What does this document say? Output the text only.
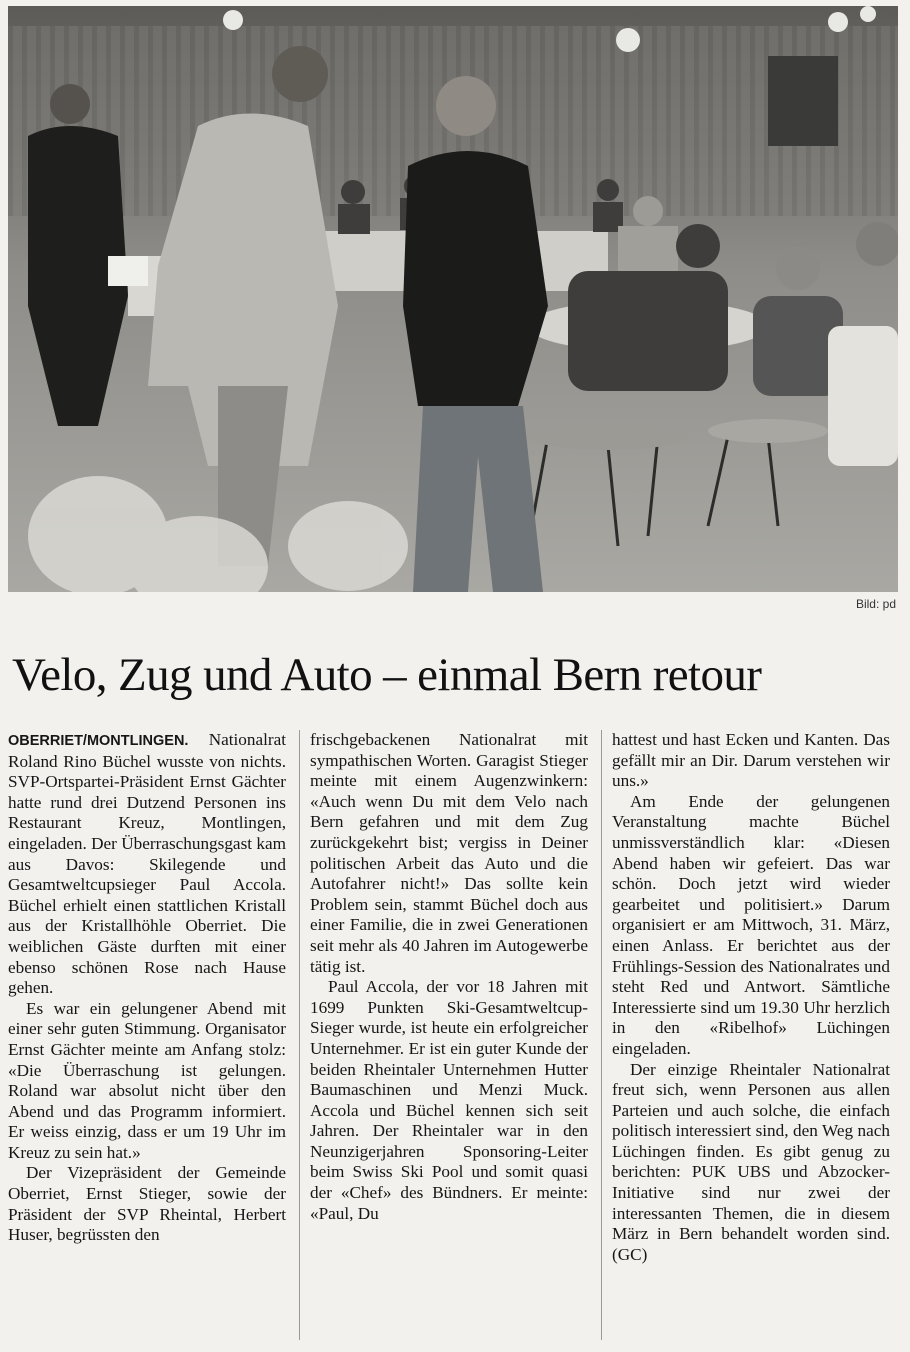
Bild: pd
Velo, Zug und Auto – einmal Bern retour

OBERRIET/MONTLINGEN. Nationalrat Roland Rino Büchel wusste von nichts. SVP-Ortspartei-Präsident Ernst Gächter hatte rund drei Dutzend Personen ins Restaurant Kreuz, Montlingen, eingeladen. Der Überraschungsgast kam aus Davos: Skilegende und Gesamtweltcupsieger Paul Accola. Büchel erhielt einen stattlichen Kristall aus der Kristallhöhle Oberriet. Die weiblichen Gäste durften mit einer ebenso schönen Rose nach Hause gehen.

Es war ein gelungener Abend mit einer sehr guten Stimmung. Organisator Ernst Gächter meinte am Anfang stolz: «Die Überraschung ist gelungen. Roland war absolut nicht über den Abend und das Programm informiert. Er weiss einzig, dass er um 19 Uhr im Kreuz zu sein hat.»

Der Vizepräsident der Gemeinde Oberriet, Ernst Stieger, sowie der Präsident der SVP Rheintal, Herbert Huser, begrüssten den

frischgebackenen Nationalrat mit sympathischen Worten. Garagist Stieger meinte mit einem Augenzwinkern: «Auch wenn Du mit dem Velo nach Bern gefahren und mit dem Zug zurückgekehrt bist; vergiss in Deiner politischen Arbeit das Auto und die Autofahrer nicht!» Das sollte kein Problem sein, stammt Büchel doch aus einer Familie, die in zwei Generationen seit mehr als 40 Jahren im Autogewerbe tätig ist.

Paul Accola, der vor 18 Jahren mit 1699 Punkten Ski-Gesamtweltcup-Sieger wurde, ist heute ein erfolgreicher Unternehmer. Er ist ein guter Kunde der beiden Rheintaler Unternehmen Hutter Baumaschinen und Menzi Muck. Accola und Büchel kennen sich seit Jahren. Der Rheintaler war in den Neunzigerjahren Sponsoring-Leiter beim Swiss Ski Pool und somit quasi der «Chef» des Bündners. Er meinte: «Paul, Du

hattest und hast Ecken und Kanten. Das gefällt mir an Dir. Darum verstehen wir uns.»

Am Ende der gelungenen Veranstaltung machte Büchel unmissverständlich klar: «Diesen Abend haben wir gefeiert. Das war schön. Doch jetzt wird wieder gearbeitet und politisiert.» Darum organisiert er am Mittwoch, 31. März, einen Anlass. Er berichtet aus der Frühlings-Session des Nationalrates und steht Red und Antwort. Sämtliche Interessierte sind um 19.30 Uhr herzlich in den «Ribelhof» Lüchingen eingeladen.

Der einzige Rheintaler Nationalrat freut sich, wenn Personen aus allen Parteien und auch solche, die einfach politisch interessiert sind, den Weg nach Lüchingen finden. Es gibt genug zu berichten: PUK UBS und Abzocker-Initiative sind nur zwei der interessanten Themen, die in diesem März in Bern behandelt worden sind. (GC)
